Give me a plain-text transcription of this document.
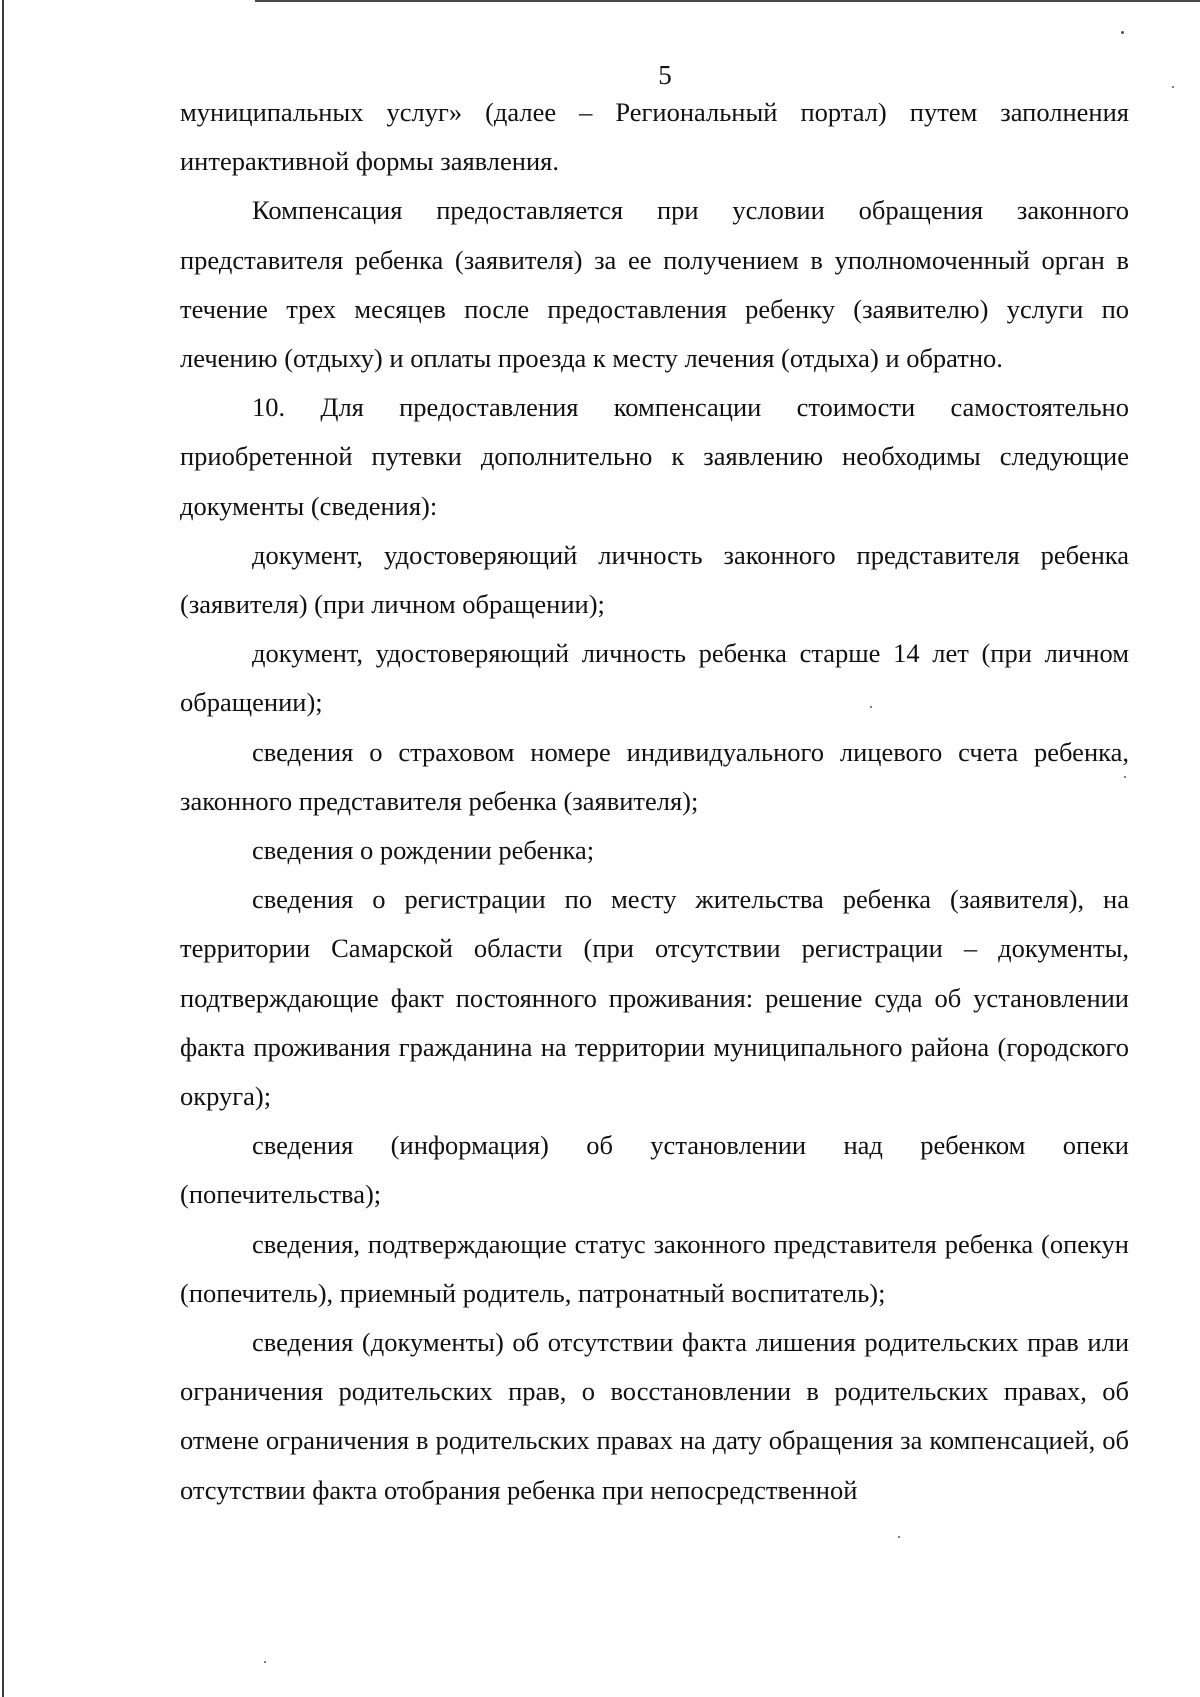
5

муниципальных услуг» (далее – Региональный портал) путем заполнения интерактивной формы заявления.

Компенсация предоставляется при условии обращения законного представителя ребенка (заявителя) за ее получением в уполномоченный орган в течение трех месяцев после предоставления ребенку (заявителю) услуги по лечению (отдыху) и оплаты проезда к месту лечения (отдыха) и обратно.

10. Для предоставления компенсации стоимости самостоятельно приобретенной путевки дополнительно к заявлению необходимы следующие документы (сведения):

документ, удостоверяющий личность законного представителя ребенка (заявителя) (при личном обращении);

документ, удостоверяющий личность ребенка старше 14 лет (при личном обращении);

сведения о страховом номере индивидуального лицевого счета ребенка, законного представителя ребенка (заявителя);

сведения о рождении ребенка;

сведения о регистрации по месту жительства ребенка (заявителя), на территории Самарской области (при отсутствии регистрации – документы, подтверждающие факт постоянного проживания: решение суда об установлении факта проживания гражданина на территории муниципального района (городского округа);

сведения (информация) об установлении над ребенком опеки (попечительства);

сведения, подтверждающие статус законного представителя ребенка (опекун (попечитель), приемный родитель, патронатный воспитатель);

сведения (документы) об отсутствии факта лишения родительских прав или ограничения родительских прав, о восстановлении в родительских правах, об отмене ограничения в родительских правах на дату обращения за компенсацией, об отсутствии факта отобрания ребенка при непосредственной
